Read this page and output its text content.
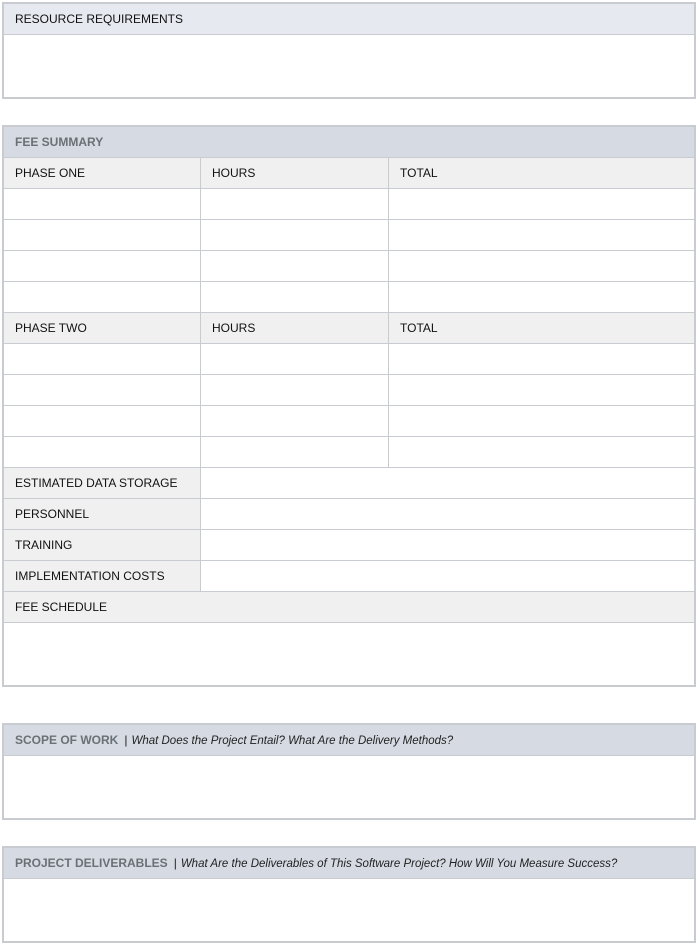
RESOURCE REQUIREMENTS

FEE SUMMARY		
PHASE ONE	HOURS	TOTAL

PHASE TWO	HOURS	TOTAL

ESTIMATED DATA STORAGE		
PERSONNEL		
TRAINING		
IMPLEMENTATION COSTS		
FEE SCHEDULE		

SCOPE OF WORK | What Does the Project Entail? What Are the Delivery Methods?

PROJECT DELIVERABLES | What Are the Deliverables of This Software Project? How Will You Measure Success?
